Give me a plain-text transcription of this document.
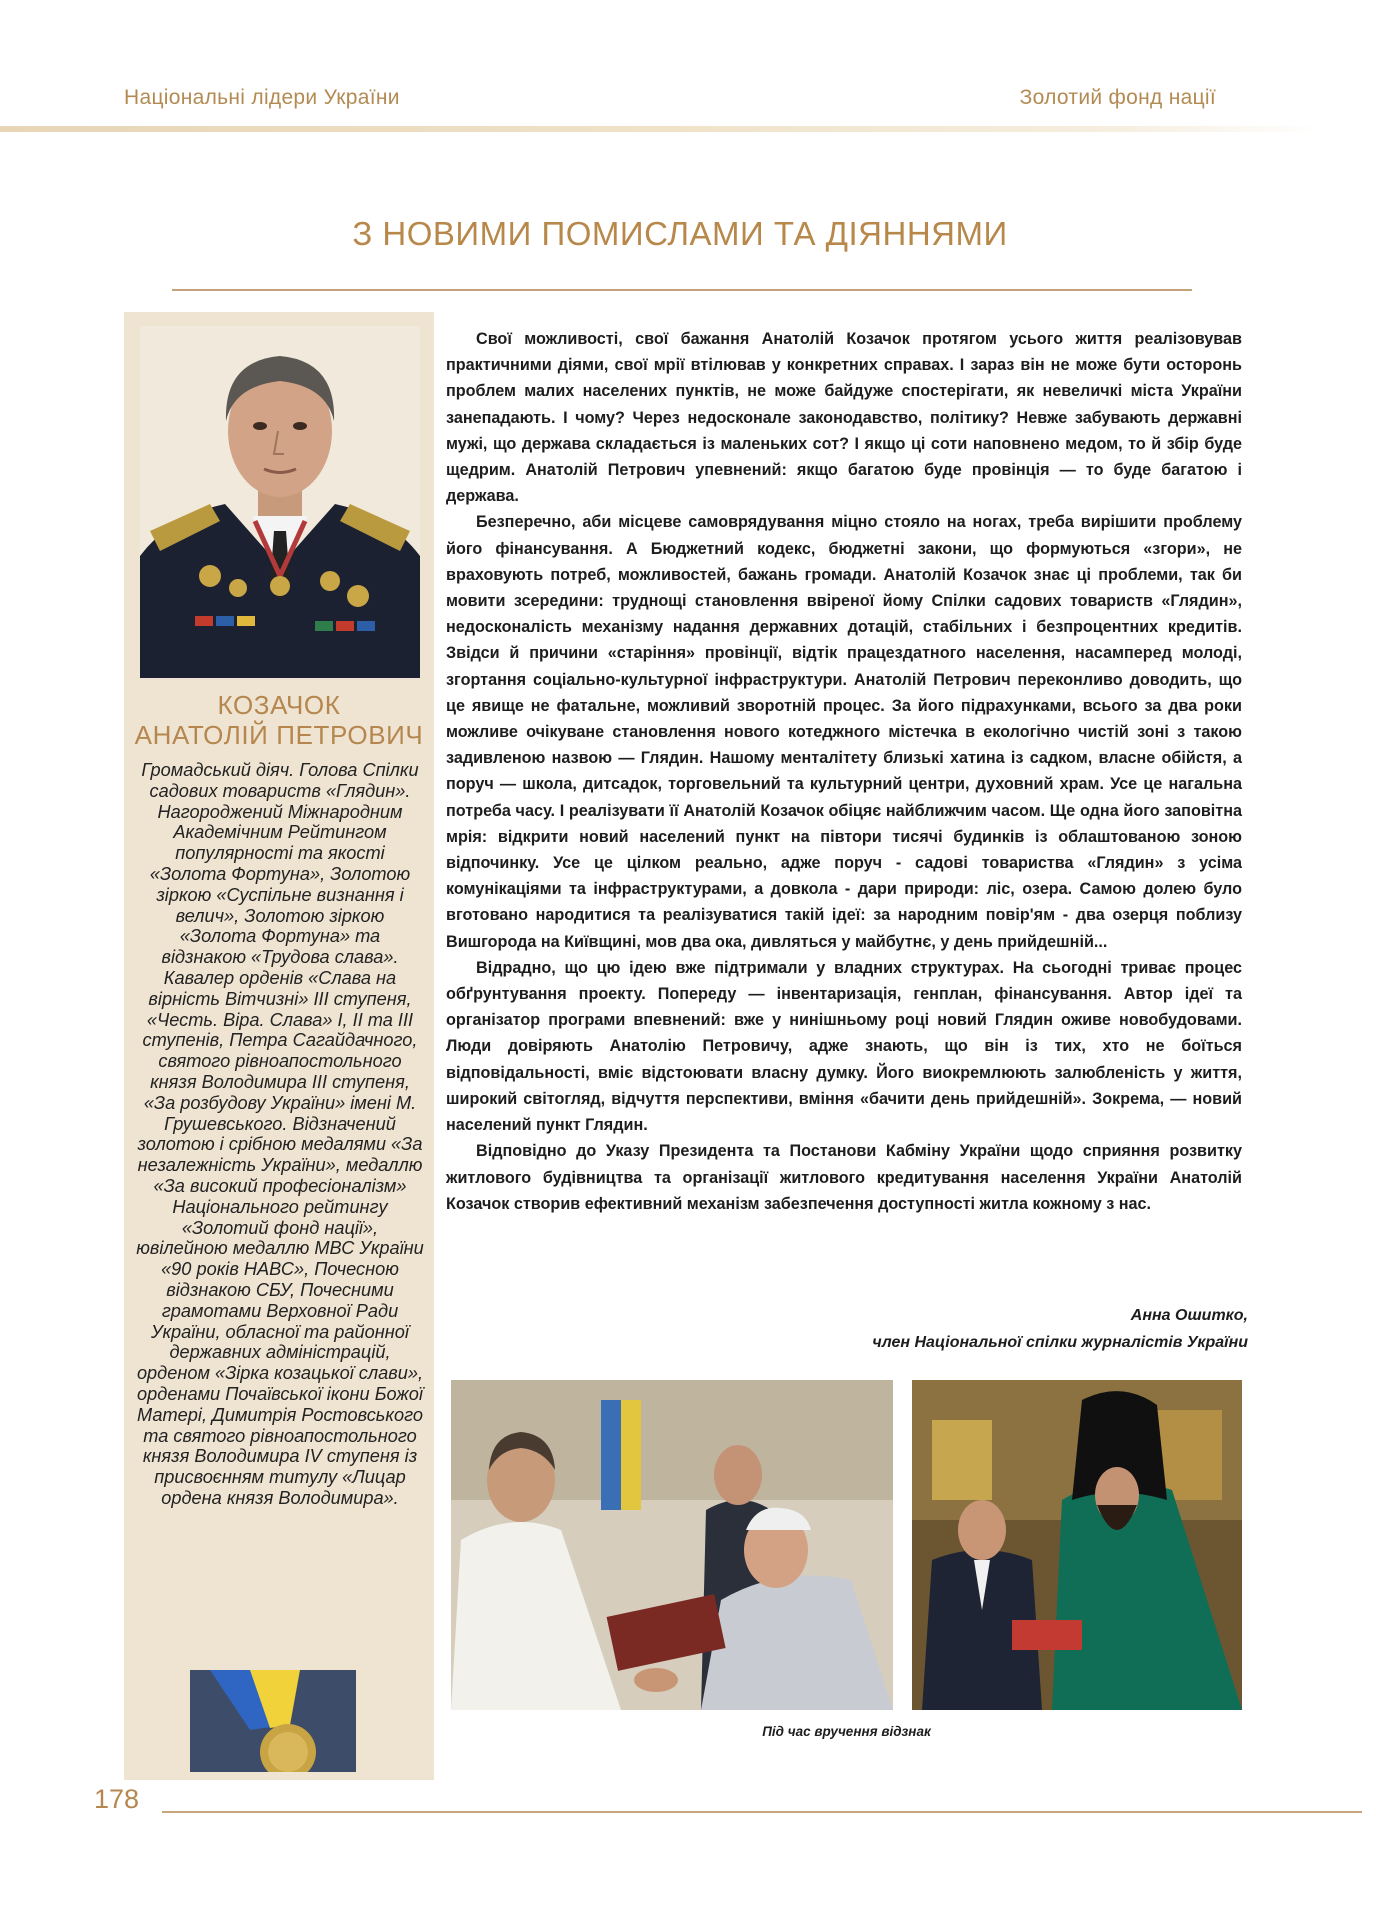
Національні лідери України	Золотий фонд нації
З НОВИМИ ПОМИСЛАМИ ТА ДІЯННЯМИ
КОЗАЧОК
АНАТОЛІЙ ПЕТРОВИЧ
Громадський діяч. Голова Спілки садових товариств «Глядин». Нагороджений Міжнародним Академічним Рейтингом популярності та якості «Золота Фортуна», Золотою зіркою «Суспільне визнання і велич», Золотою зіркою «Золота Фортуна» та відзнакою «Трудова слава». Кавалер орденів «Слава на вірність Вітчизні» III ступеня, «Честь. Віра. Слава» I, II та III ступенів, Петра Сагайдачного, святого рівноапостольного князя Володимира III ступеня, «За розбудову України» імені М. Грушевського. Відзначений золотою і срібною медалями «За незалежність України», медаллю «За високий професіоналізм» Національного рейтингу «Золотий фонд нації», ювілейною медаллю МВС України «90 років НАВС», Почесною відзнакою СБУ, Почесними грамотами Верховної Ради України, обласної та районної державних адміністрацій, орденом «Зірка козацької слави», орденами Почаївської ікони Божої Матері, Димитрія Ростовського та святого рівноапостольного князя Володимира IV ступеня із присвоєнням титулу «Лицар ордена князя Володимира».

Свої можливості, свої бажання Анатолій Козачок протягом усього життя реалізовував практичними діями, свої мрії втілював у конкретних справах. І зараз він не може бути осторонь проблем малих населених пунктів, не може байдуже спостерігати, як невеличкі міста України занепадають. І чому? Через недосконале законодавство, політику? Невже забувають державні мужі, що держава складається із маленьких сот? І якщо ці соти наповнено медом, то й збір буде щедрим. Анатолій Петрович упевнений: якщо багатою буде провінція — то буде багатою і держава.

Безперечно, аби місцеве самоврядування міцно стояло на ногах, треба вирішити проблему його фінансування. А Бюджетний кодекс, бюджетні закони, що формуються «згори», не враховують потреб, можливостей, бажань громади. Анатолій Козачок знає ці проблеми, так би мовити зсередини: труднощі становлення ввіреної йому Спілки садових товариств «Глядин», недосконалість механізму надання державних дотацій, стабільних і безпроцентних кредитів. Звідси й причини «старіння» провінції, відтік працездатного населення, насамперед молоді, згортання соціально-культурної інфраструктури. Анатолій Петрович переконливо доводить, що це явище не фатальне, можливий зворотній процес. За його підрахунками, всього за два роки можливе очікуване становлення нового котеджного містечка в екологічно чистій зоні з такою задивленою назвою — Глядин. Нашому менталітету близькі хатина із садком, власне обійстя, а поруч — школа, дитсадок, торговельний та культурний центри, духовний храм. Усе це нагальна потреба часу. І реалізувати її Анатолій Козачок обіцяє найближчим часом. Ще одна його заповітна мрія: відкрити новий населений пункт на півтори тисячі будинків із облаштованою зоною відпочинку. Усе це цілком реально, адже поруч - садові товариства «Глядин» з усіма комунікаціями та інфраструктурами, а довкола - дари природи: ліс, озера. Самою долею було вготовано народитися та реалізуватися такій ідеї: за народним повір'ям - два озерця поблизу Вишгорода на Київщині, мов два ока, дивляться у майбутнє, у день прийдешній...

Відрадно, що цю ідею вже підтримали у владних структурах. На сьогодні триває процес обґрунтування проекту. Попереду — інвентаризація, генплан, фінансування. Автор ідеї та організатор програми впевнений: вже у нинішньому році новий Глядин оживе новобудовами. Люди довіряють Анатолію Петровичу, адже знають, що він із тих, хто не боїться відповідальності, вміє відстоювати власну думку. Його виокремлюють залюбленість у життя, широкий світогляд, відчуття перспективи, вміння «бачити день прийдешній». Зокрема, — новий населений пункт Глядин.

Відповідно до Указу Президента та Постанови Кабміну України щодо сприяння розвитку житлового будівництва та організації житлового кредитування населення України Анатолій Козачок створив ефективний механізм забезпечення доступності житла кожному з нас.

Анна Ошитко,
член Національної спілки журналістів України
Під час вручення відзнак
178
